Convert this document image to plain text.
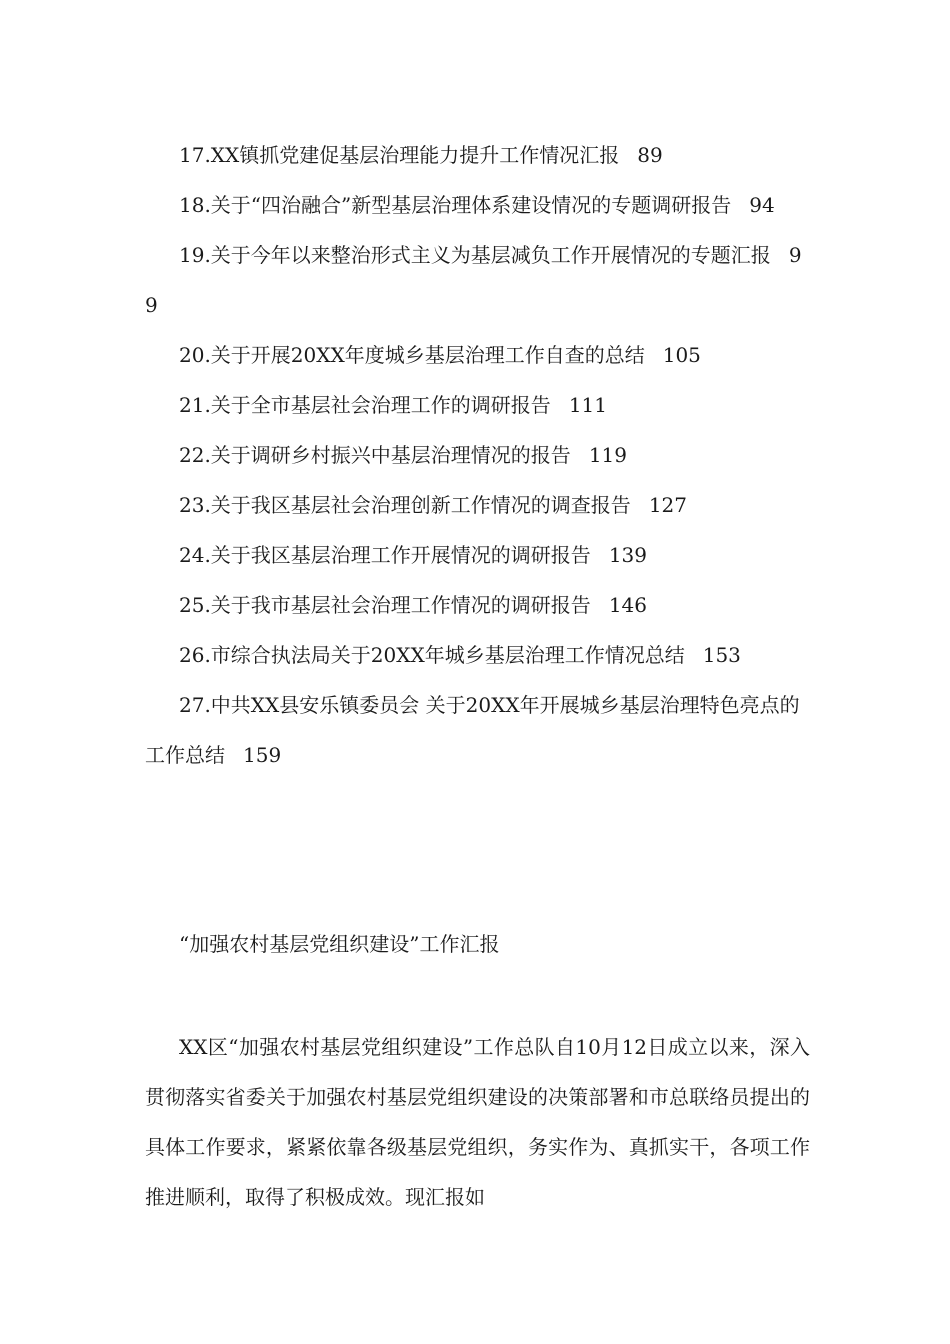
17.XX镇抓党建促基层治理能力提升工作情况汇报 89
18.关于“四治融合”新型基层治理体系建设情况的专题调研报告 94
19.关于今年以来整治形式主义为基层减负工作开展情况的专题汇报 99
20.关于开展20XX年度城乡基层治理工作自查的总结 105
21.关于全市基层社会治理工作的调研报告 111
22.关于调研乡村振兴中基层治理情况的报告 119
23.关于我区基层社会治理创新工作情况的调查报告 127
24.关于我区基层治理工作开展情况的调研报告 139
25.关于我市基层社会治理工作情况的调研报告 146
26.市综合执法局关于20XX年城乡基层治理工作情况总结 153
27.中共XX县安乐镇委员会 关于20XX年开展城乡基层治理特色亮点的 工作总结 159
“加强农村基层党组织建设”工作汇报

XX区“加强农村基层党组织建设”工作总队自10月12日成立以来，深入贯彻落实省委关于加强农村基层党组织建设的决策部署和市总联络员提出的具体工作要求，紧紧依靠各级基层党组织，务实作为、真抓实干，各项工作推进顺利，取得了积极成效。现汇报如
